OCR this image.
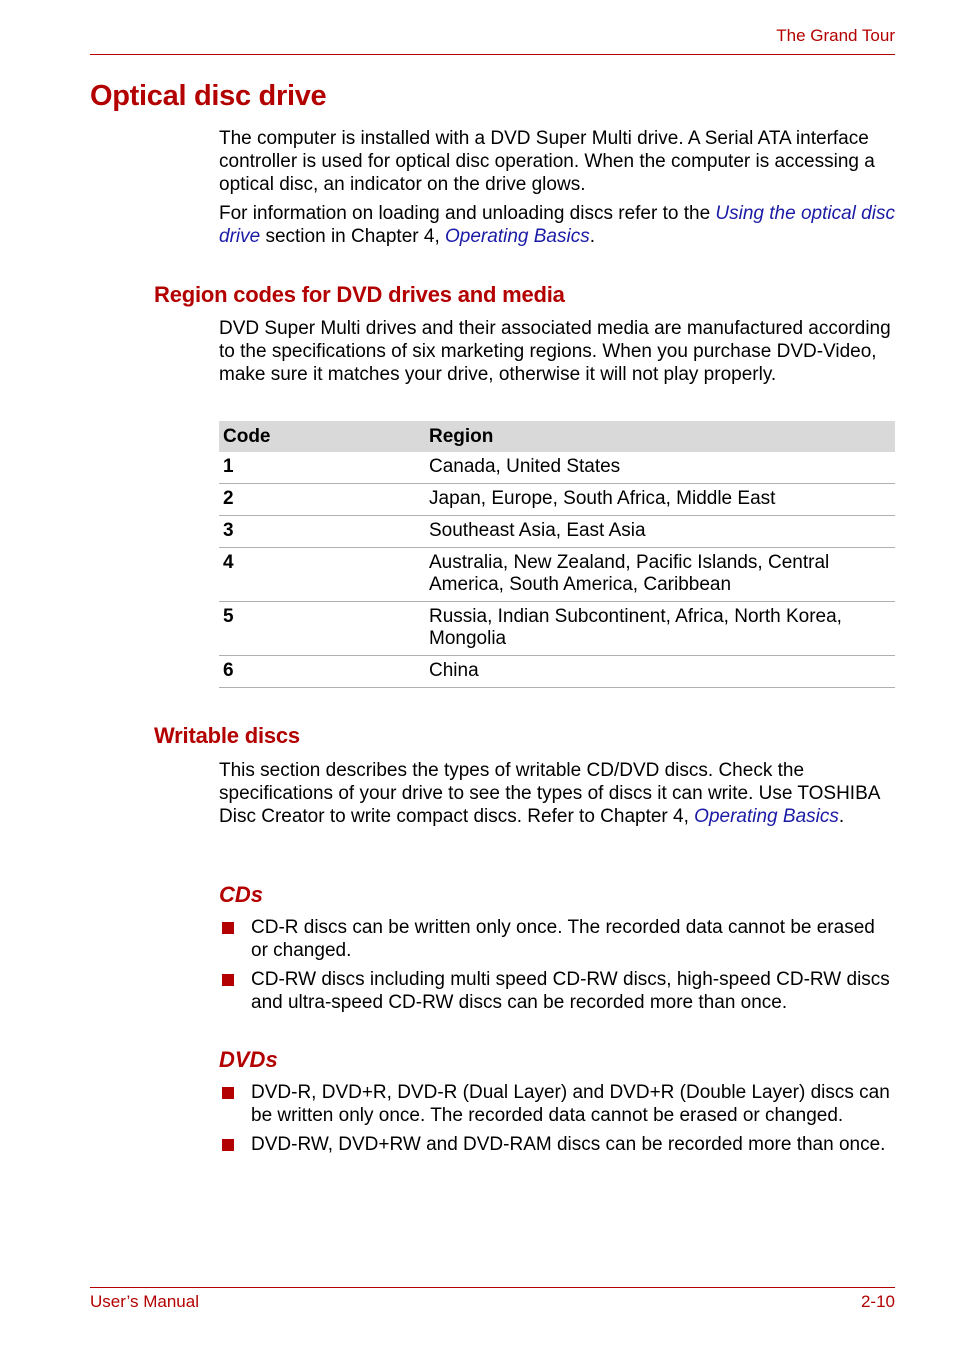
The Grand Tour
Optical disc drive

The computer is installed with a DVD Super Multi drive. A Serial ATA interface controller is used for optical disc operation. When the computer is accessing a optical disc, an indicator on the drive glows.

For information on loading and unloading discs refer to the Using the optical disc drive section in Chapter 4, Operating Basics.

Region codes for DVD drives and media

DVD Super Multi drives and their associated media are manufactured according to the specifications of six marketing regions. When you purchase DVD-Video, make sure it matches your drive, otherwise it will not play properly.

Code	Region
1	Canada, United States
2	Japan, Europe, South Africa, Middle East
3	Southeast Asia, East Asia
4	Australia, New Zealand, Pacific Islands, Central America, South America, Caribbean
5	Russia, Indian Subcontinent, Africa, North Korea, Mongolia
6	China
Writable discs

This section describes the types of writable CD/DVD discs. Check the specifications of your drive to see the types of discs it can write. Use TOSHIBA Disc Creator to write compact discs. Refer to Chapter 4, Operating Basics.

CDs
CD-R discs can be written only once. The recorded data cannot be erased or changed.
CD-RW discs including multi speed CD-RW discs, high-speed CD-RW discs and ultra-speed CD-RW discs can be recorded more than once.
DVDs
DVD-R, DVD+R, DVD-R (Dual Layer) and DVD+R (Double Layer) discs can be written only once. The recorded data cannot be erased or changed.
DVD-RW, DVD+RW and DVD-RAM discs can be recorded more than once.
User’s Manual	2-10
